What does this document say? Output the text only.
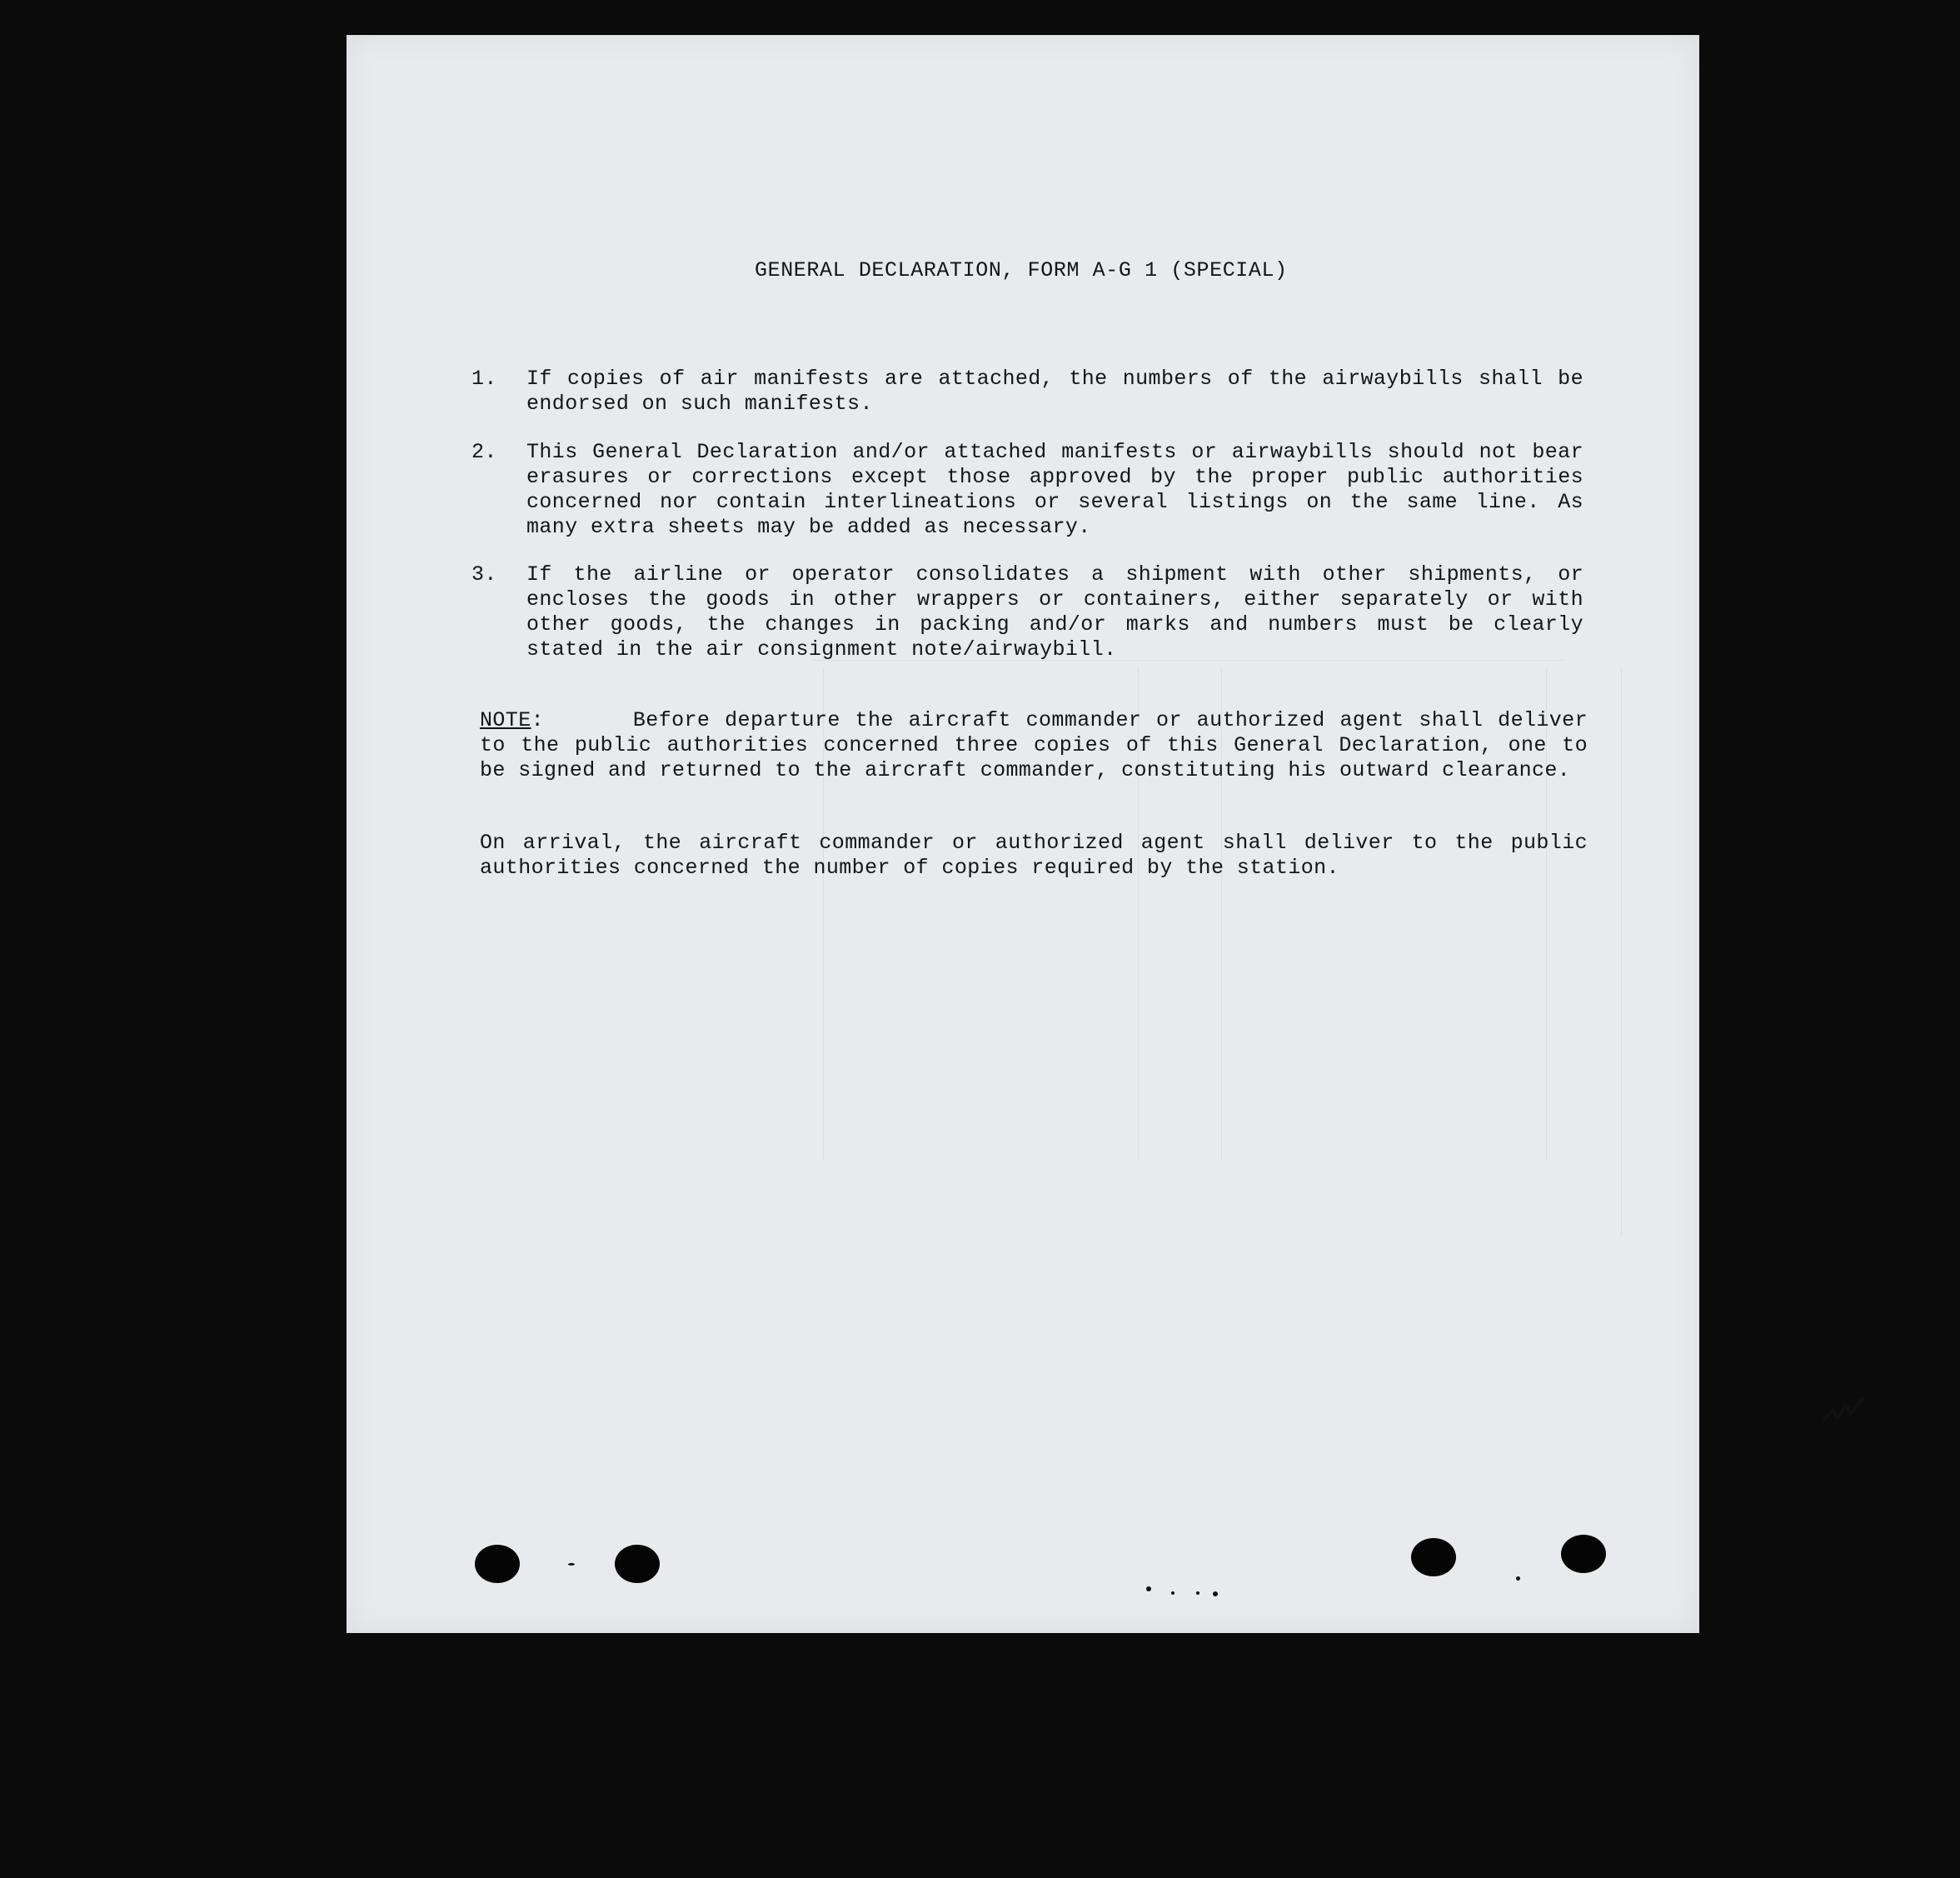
GENERAL DECLARATION, FORM A-G 1 (SPECIAL)
1. If copies of air manifests are attached, the numbers of the airwaybills shall be endorsed on such manifests.
2. This General Declaration and/or attached manifests or airwaybills should not bear erasures or corrections except those approved by the proper public authorities concerned nor contain interlineations or several listings on the same line. As many extra sheets may be added as necessary.
3. If the airline or operator consolidates a shipment with other shipments, or encloses the goods in other wrappers or containers, either separately or with other goods, the changes in packing and/or marks and numbers must be clearly stated in the air consignment note/airwaybill.
NOTE:      Before departure the aircraft commander or authorized agent shall deliver to the public authorities concerned three copies of this General Declaration, one to be signed and returned to the aircraft commander, constituting his outward clearance.
On arrival, the aircraft commander or authorized agent shall deliver to the public authorities concerned the number of copies required by the station.
